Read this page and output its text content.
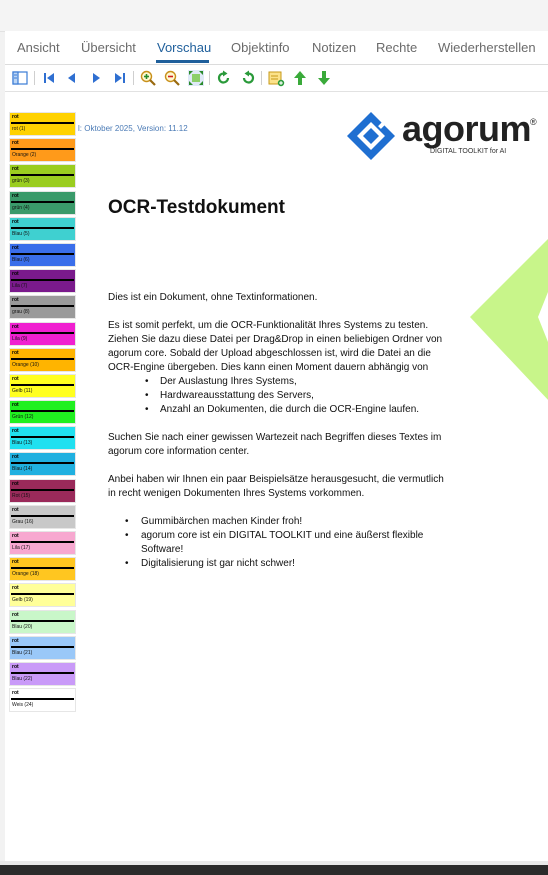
Ansicht Übersicht Vorschau Objektinfo Notizen Rechte Wiederherstellen
rot
rot (1)
rot
Orange (2)
rot
grün (3)
rot
grün (4)
rot
Blau (5)
rot
Blau (6)
rot
Lila (7)
rot
grau (8)
rot
Lila (9)
rot
Orange (10)
rot
Gelb (11)
rot
Grün (12)
rot
Blau (13)
rot
Blau (14)
rot
Rot (15)
rot
Grau (16)
rot
Lila (17)
rot
Orange (18)
rot
Gelb (19)
rot
Blau (20)
rot
Blau (21)
rot
Blau (22)
rot
Weis (24)
l: Oktober 2025, Version: 11.12	agorum
®
DIGITAL TOOLKIT for AI
OCR-Testdokument

Dies ist ein Dokument, ohne Textinformationen.

Es ist somit perfekt, um die OCR-Funktionalität Ihres Systems zu testen. Ziehen Sie dazu diese Datei per Drag&Drop in einen beliebigen Ordner von agorum core. Sobald der Upload abgeschlossen ist, wird die Datei an die OCR-Engine übergeben. Dies kann einen Moment dauern abhängig von

• Der Auslastung Ihres Systems,
• Hardwareausstattung des Servers,
• Anzahl an Dokumenten, die durch die OCR-Engine laufen.

Suchen Sie nach einer gewissen Wartezeit nach Begriffen dieses Textes im agorum core information center.

Anbei haben wir Ihnen ein paar Beispielsätze herausgesucht, die vermutlich in recht wenigen Dokumenten Ihres Systems vorkommen.

• Gummibärchen machen Kinder froh!
• agorum core ist ein DIGITAL TOOLKIT und eine äußerst flexible Software!
• Digitalisierung ist gar nicht schwer!
